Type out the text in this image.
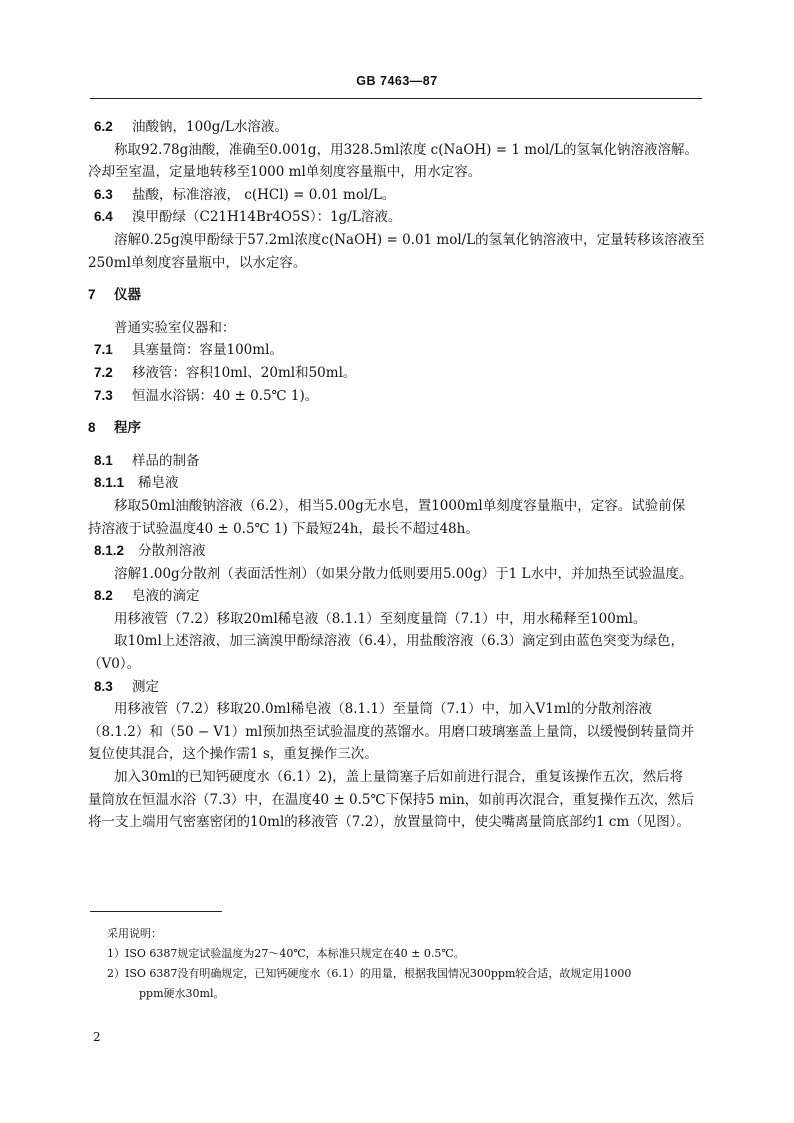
GB 7463—87
6.2 油酸钠，100g/L水溶液。
称取92.78g油酸，准确至0.001g，用328.5ml浓度 c(NaOH) = 1 mol/L的氢氧化钠溶液溶解。
冷却至室温，定量地转移至1000 ml单刻度容量瓶中，用水定容。
6.3 盐酸，标准溶液， c(HCl) = 0.01 mol/L。
6.4 溴甲酚绿（C21H14Br4O5S）：1g/L溶液。
溶解0.25g溴甲酚绿于57.2ml浓度c(NaOH) = 0.01 mol/L的氢氧化钠溶液中，定量转移该溶液至
250ml单刻度容量瓶中，以水定容。
7 仪器
普通实验室仪器和：
7.1 具塞量筒：容量100ml。
7.2 移液管：容积10ml、20ml和50ml。
7.3 恒温水浴锅：40 ± 0.5℃ 1)。
8 程序
8.1 样品的制备
8.1.1 稀皂液
移取50ml油酸钠溶液（6.2），相当5.00g无水皂，置1000ml单刻度容量瓶中，定容。试验前保
持溶液于试验温度40 ± 0.5℃ 1) 下最短24h，最长不超过48h。
8.1.2 分散剂溶液
溶解1.00g分散剂（表面活性剂）（如果分散力低则要用5.00g）于1 L水中，并加热至试验温度。
8.2 皂液的滴定
用移液管（7.2）移取20ml稀皂液（8.1.1）至刻度量筒（7.1）中，用水稀释至100ml。
取10ml上述溶液，加三滴溴甲酚绿溶液（6.4），用盐酸溶液（6.3）滴定到由蓝色突变为绿色，
（V0）。
8.3 测定
用移液管（7.2）移取20.0ml稀皂液（8.1.1）至量筒（7.1）中，加入V1ml的分散剂溶液
（8.1.2）和（50 − V1）ml预加热至试验温度的蒸馏水。用磨口玻璃塞盖上量筒，以缓慢倒转量筒并
复位使其混合，这个操作需1 s，重复操作三次。
加入30ml的已知钙硬度水（6.1）2)，盖上量筒塞子后如前进行混合，重复该操作五次，然后将
量筒放在恒温水浴（7.3）中，在温度40 ± 0.5℃下保持5 min，如前再次混合，重复操作五次，然后
将一支上端用气密塞密闭的10ml的移液管（7.2），放置量筒中，使尖嘴离量筒底部约1 cm（见图）。
采用说明：
1）ISO 6387规定试验温度为27～40℃，本标准只规定在40 ± 0.5℃。
2）ISO 6387没有明确规定，已知钙硬度水（6.1）的用量，根据我国情况300ppm较合适，故规定用1000
ppm硬水30ml。
2
